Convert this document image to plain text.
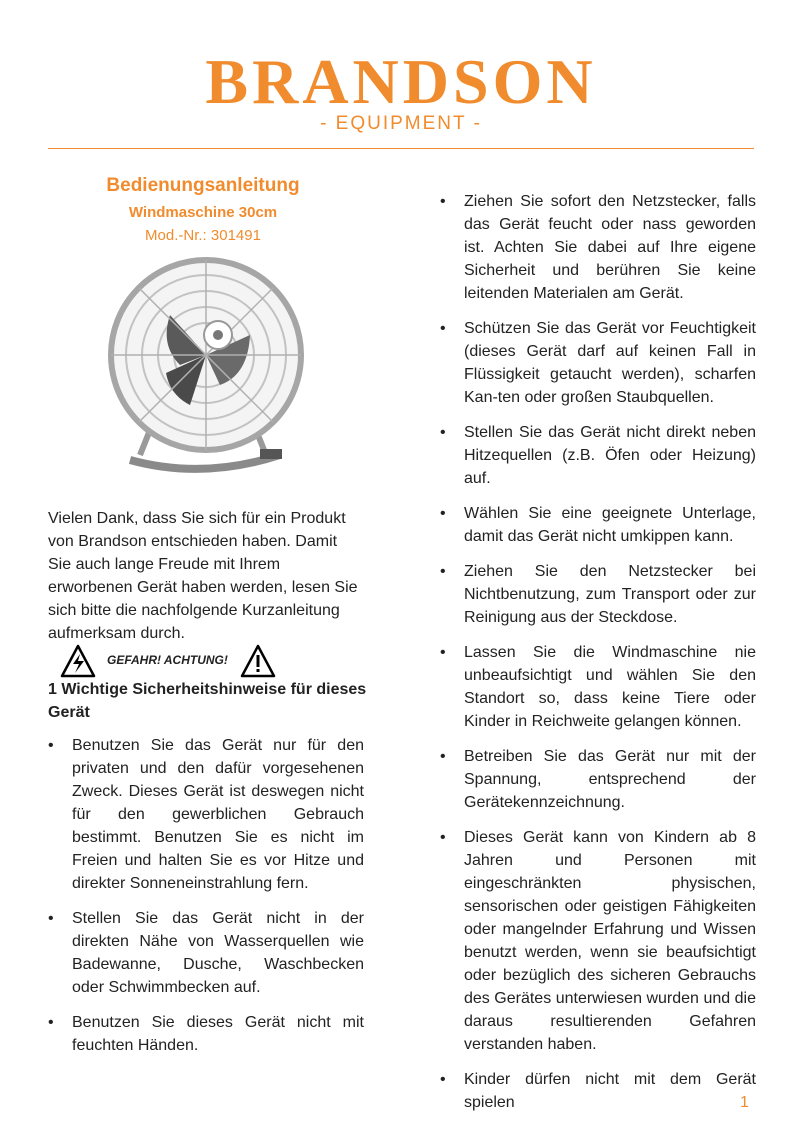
BRANDSON
- EQUIPMENT -
Bedienungsanleitung
Windmaschine 30cm
Mod.-Nr.: 301491
Vielen Dank, dass Sie sich für ein Produkt von Brandson entschieden haben. Damit Sie auch lange Freude mit Ihrem erworbenen Gerät haben werden, lesen Sie sich bitte die nachfolgende Kurzanleitung aufmerksam durch.
GEFAHR! ACHTUNG!
1 Wichtige Sicherheitshinweise für dieses Gerät
• Benutzen Sie das Gerät nur für den privaten und den dafür vorgesehenen Zweck. Dieses Gerät ist deswegen nicht für den gewerblichen Gebrauch bestimmt. Benutzen Sie es nicht im Freien und halten Sie es vor Hitze und direkter Sonneneinstrahlung fern.
• Stellen Sie das Gerät nicht in der direkten Nähe von Wasserquellen wie Badewanne, Dusche, Waschbecken oder Schwimmbecken auf.
• Benutzen Sie dieses Gerät nicht mit feuchten Händen.
• Ziehen Sie sofort den Netzstecker, falls das Gerät feucht oder nass geworden ist. Achten Sie dabei auf Ihre eigene Sicherheit und berühren Sie keine leitenden Materialen am Gerät.
• Schützen Sie das Gerät vor Feuchtigkeit (dieses Gerät darf auf keinen Fall in Flüssigkeit getaucht werden), scharfen Kan-ten oder großen Staubquellen.
• Stellen Sie das Gerät nicht direkt neben Hitzequellen (z.B. Öfen oder Heizung) auf.
• Wählen Sie eine geeignete Unterlage, damit das Gerät nicht umkippen kann.
• Ziehen Sie den Netzstecker bei Nichtbenutzung, zum Transport oder zur Reinigung aus der Steckdose.
• Lassen Sie die Windmaschine nie unbeaufsichtigt und wählen Sie den Standort so, dass keine Tiere oder Kinder in Reichweite gelangen können.
• Betreiben Sie das Gerät nur mit der Spannung, entsprechend der Gerätekennzeichnung.
• Dieses Gerät kann von Kindern ab 8 Jahren und Personen mit eingeschränkten physischen, sensorischen oder geistigen Fähigkeiten oder mangelnder Erfahrung und Wissen benutzt werden, wenn sie beaufsichtigt oder bezüglich des sicheren Gebrauchs des Gerätes unterwiesen wurden und die daraus resultierenden Gefahren verstanden haben.
• Kinder dürfen nicht mit dem Gerät spielen	1
